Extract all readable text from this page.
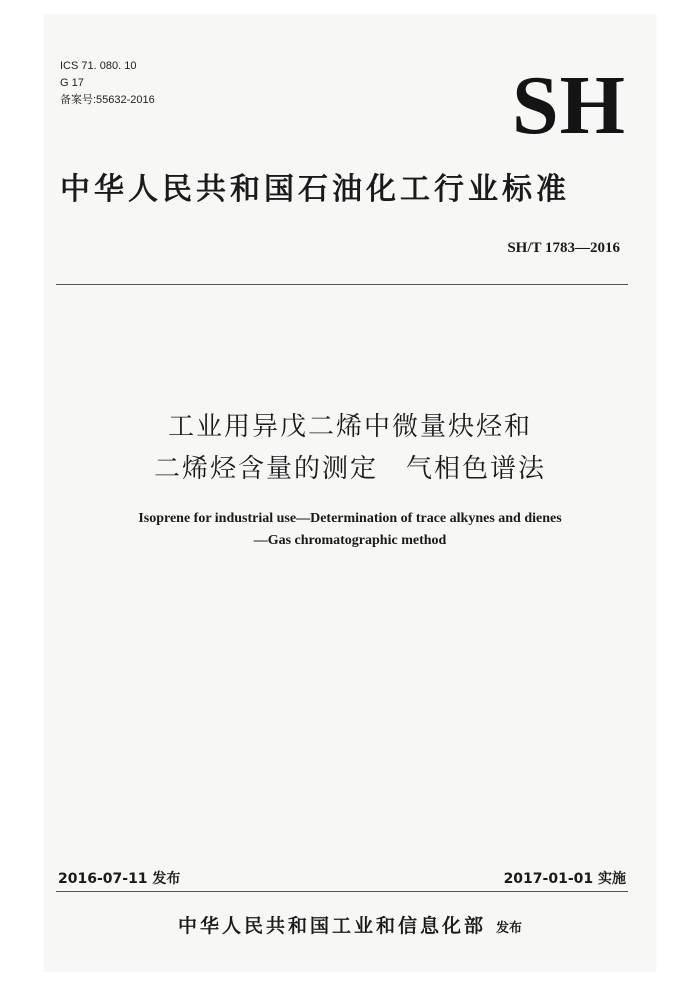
ICS 71. 080. 10
G 17
备案号:55632-2016	SH
中华人民共和国石油化工行业标准
SH/T 1783—2016
工业用异戊二烯中微量炔烃和
二烯烃含量的测定　气相色谱法
Isoprene for industrial use—Determination of trace alkynes and dienes
—Gas chromatographic method
2016-07-11 发布	2017-01-01 实施
中华人民共和国工业和信息化部 发布
